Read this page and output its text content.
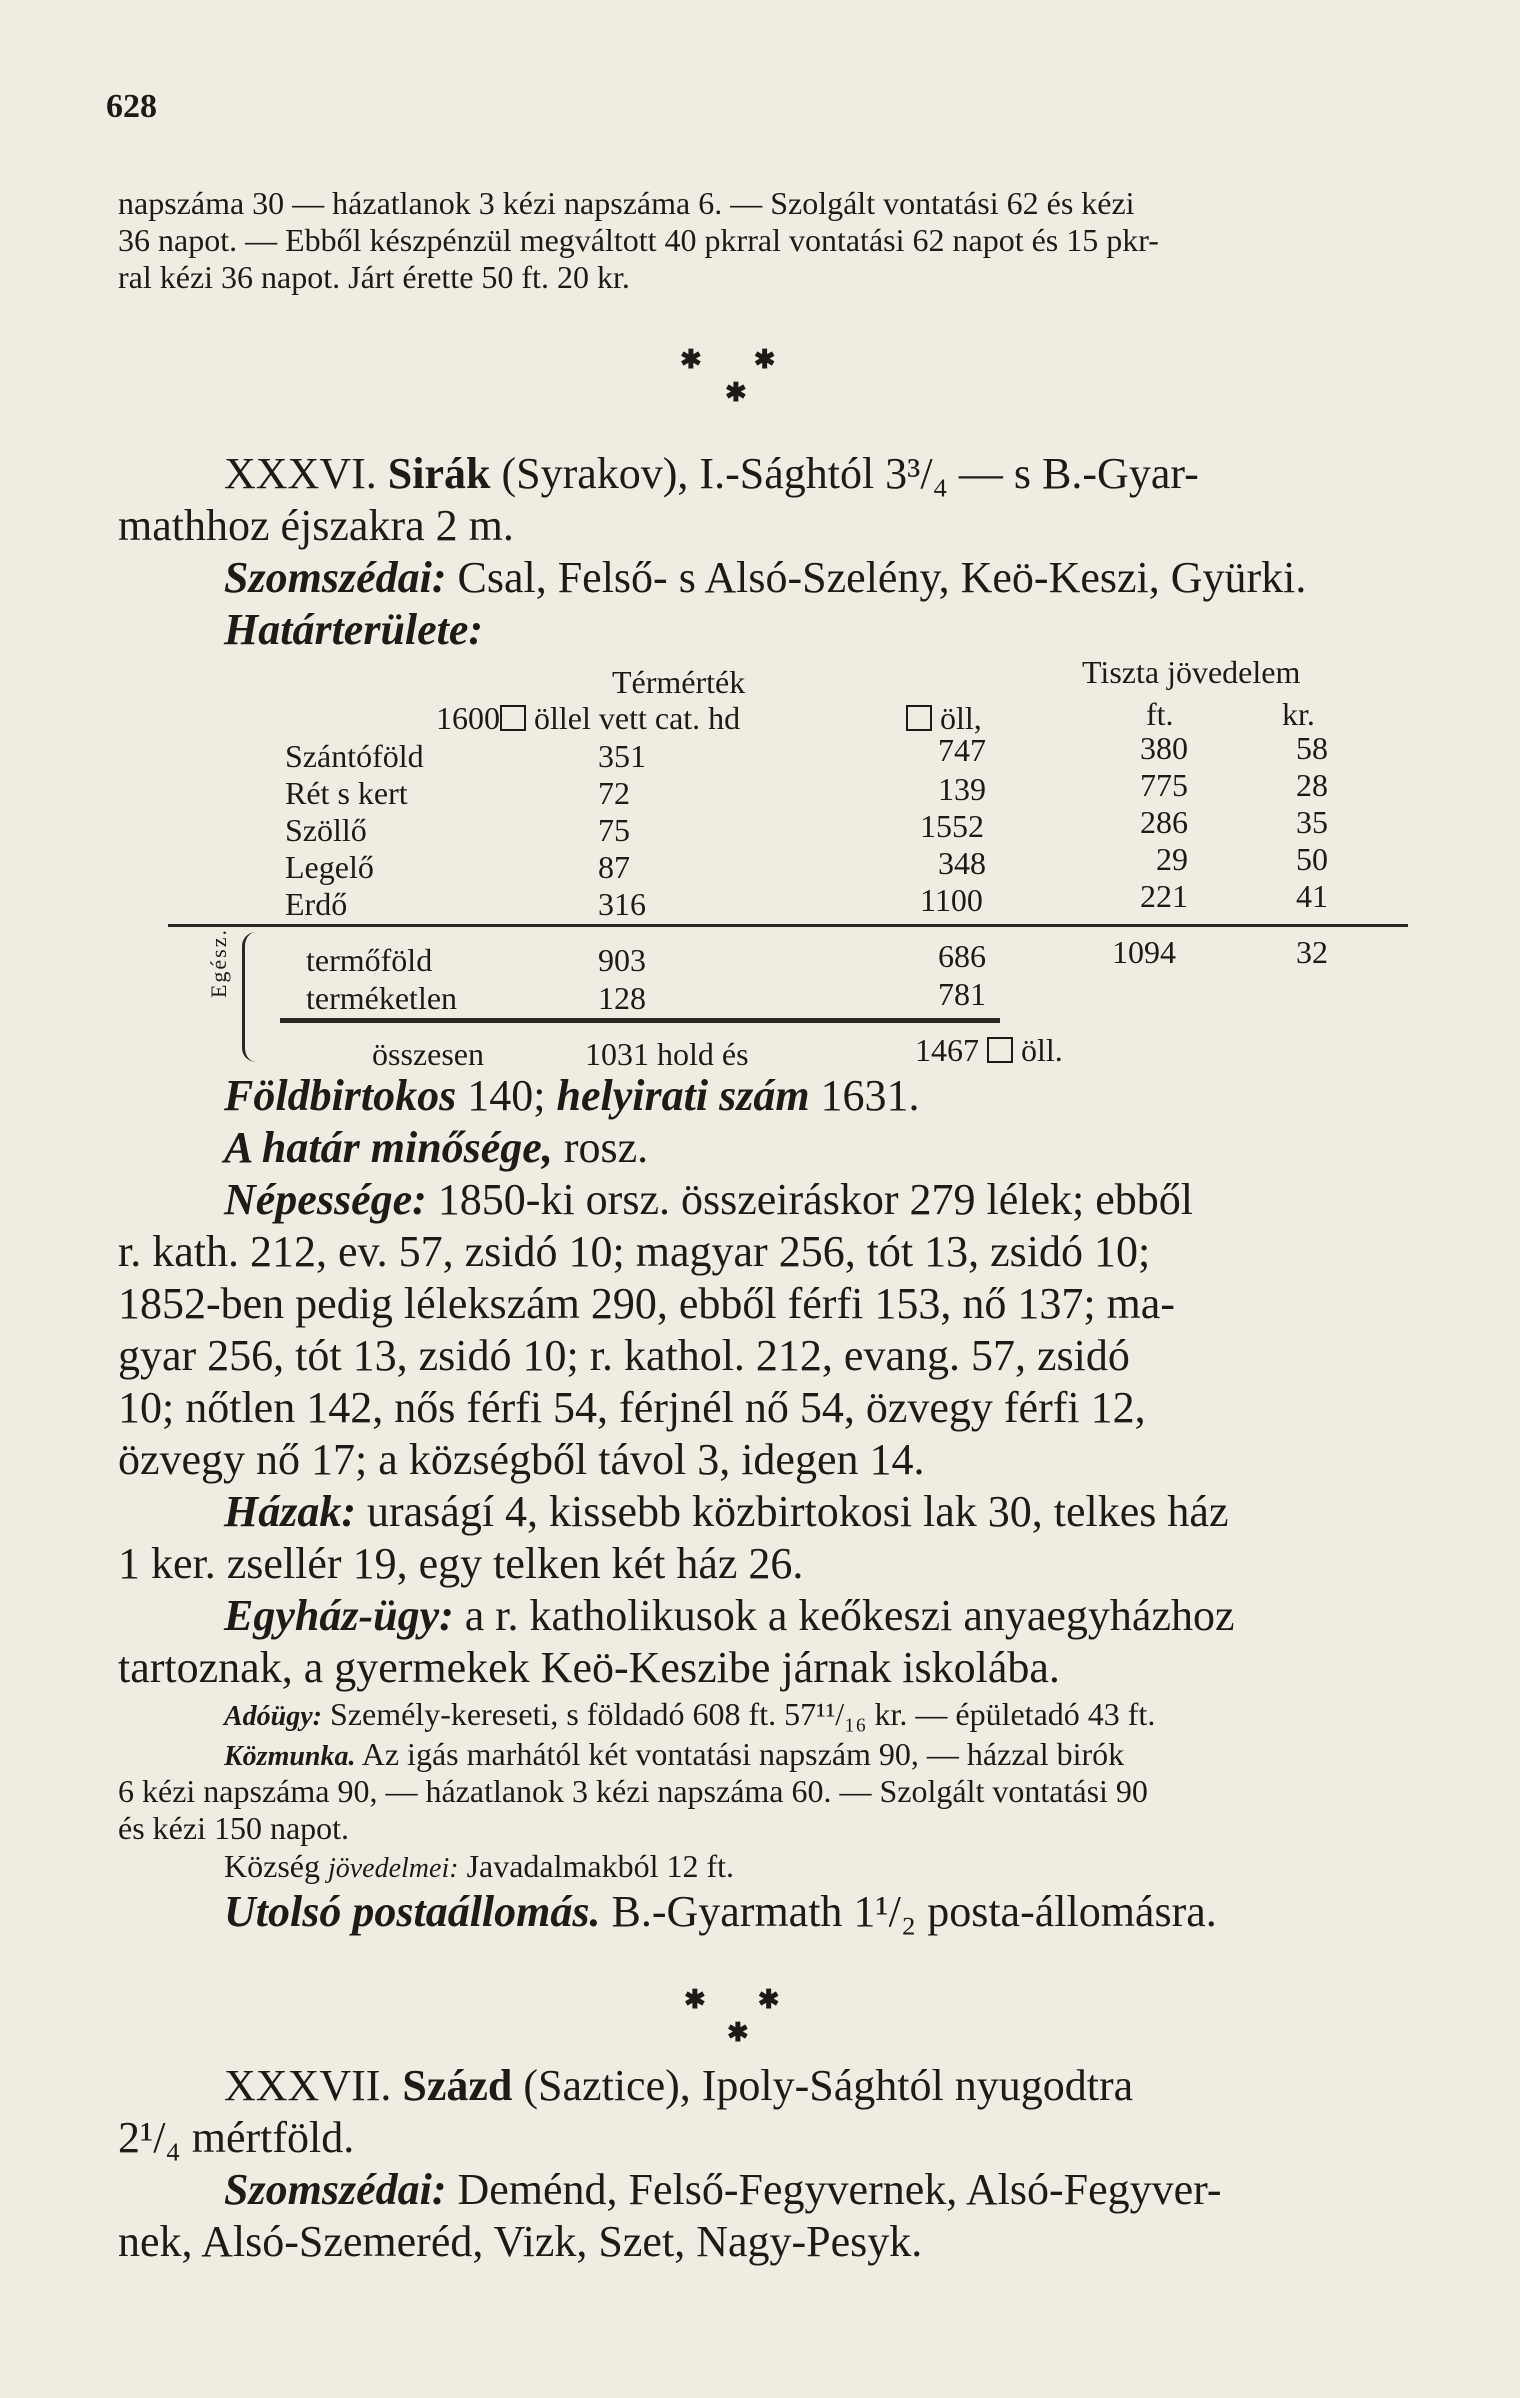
628
napszáma 30 — házatlanok 3 kézi napszáma 6. — Szolgált vontatási 62 és kézi
36 napot. — Ebből készpénzül megváltott 40 pkrral vontatási 62 napot és 15 pkr-
ral kézi 36 napot. Járt érette 50 ft. 20 kr.
✱        ✱
✱
XXXVI. Sirák (Syrakov), I.-Sághtól 3³/₄ — s B.-Gyar-
mathhoz éjszakra 2 m.
Szomszédai: Csal, Felső- s Alsó-Szelény, Keö-Keszi, Gyürki.
Határterülete:
Térmérték	Tiszta jövedelem
1600 öllel vett cat. hd	öll,	ft.	kr.
Szántóföld	351	747	380	58
Rét s kert	72	139	775	28
Szöllő	75	1552	286	35
Legelő	87	348	29	50
Erdő	316	1100	221	41
Egész. termőföld	903	686	1094	32
terméketlen	128	781
összesen	1031 hold és	1467 öll.
Földbirtokos 140; helyirati szám 1631.
A határ minősége, rosz.
Népessége: 1850-ki orsz. összeiráskor 279 lélek; ebből
r. kath. 212, ev. 57, zsidó 10; magyar 256, tót 13, zsidó 10;
1852-ben pedig lélekszám 290, ebből férfi 153, nő 137; ma-
gyar 256, tót 13, zsidó 10; r. kathol. 212, evang. 57, zsidó
10; nőtlen 142, nős férfi 54, férjnél nő 54, özvegy férfi 12,
özvegy nő 17; a községből távol 3, idegen 14.
Házak: uraságí 4, kissebb közbirtokosi lak 30, telkes ház
1 ker. zsellér 19, egy telken két ház 26.
Egyház-ügy: a r. katholikusok a keőkeszi anyaegyházhoz
tartoznak, a gyermekek Keö-Keszibe járnak iskolába.
Adóügy: Személy-kereseti, s földadó 608 ft. 57¹¹/₁₆ kr. — épületadó 43 ft.
Közmunka. Az igás marhától két vontatási napszám 90, — házzal birók
6 kézi napszáma 90, — házatlanok 3 kézi napszáma 60. — Szolgált vontatási 90
és kézi 150 napot.
Község jövedelmei: Javadalmakból 12 ft.
Utolsó postaállomás. B.-Gyarmath 1¹/₂ posta-állomásra.
✱        ✱
✱
XXXVII. Százd (Saztice), Ipoly-Sághtól nyugodtra
2¹/₄ mértföld.
Szomszédai: Deménd, Felső-Fegyvernek, Alsó-Fegyver-
nek, Alsó-Szemeréd, Vizk, Szet, Nagy-Pesyk.
